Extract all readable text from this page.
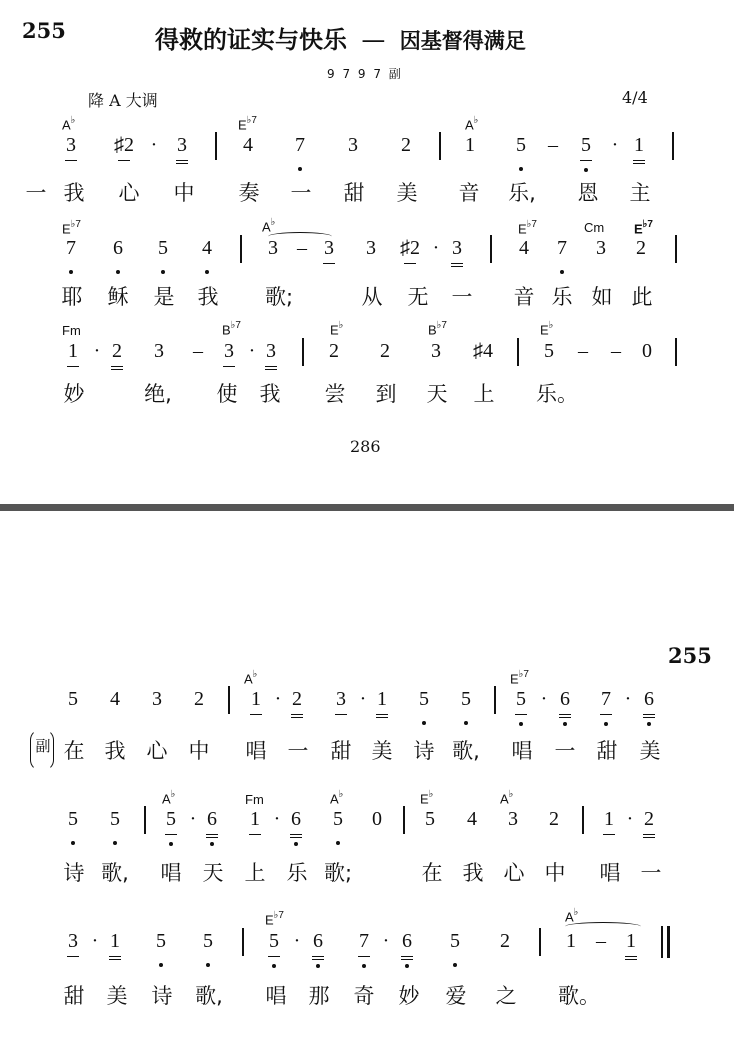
255	得救的证实与快乐 — 因基督得满足
9 7 9 7 副
降 A 大调	4/4
A♭	$E^{♭7}$	A♭
3	♯2 · 3	4	7	3	2	1	5	–	5	· 1
一 我 心 中 奏 一 甜 美 音 乐, 恩 主
$E^{♭7}$	A♭	$E^{♭7}$	Cm $E^{♭7}$
7	6	5	4	3 – 3	3	♯2 · 3	4	7	3	2
耶 稣 是 我 歌;	从 无 一 音 乐 如 此
Fm	$B^{♭7}$	E♭	$B^{♭7}$	E♭
1 · 2	3	–	3 · 3	2	2	3	♯4	5	–	–	0
妙	绝, 使 我 尝 到 天 上 乐。
286
255
A♭	$E^{♭7}$
5	4	3	2	1 · 2	3 · 1	5	5	5 · 6	7 · 6
副 在 我 心 中 唱 一 甜 美 诗 歌, 唱 一 甜 美
A♭	Fm	A♭	E♭	A♭
5	5	5 · 6	1 · 6	5	0	5	4	3	2	1 · 2
诗 歌, 唱 天 上 乐 歌;	在 我 心 中 唱 一
$E^{♭7}$	A♭
3 · 1	5	5	5 · 6	7 · 6	5	2	1	–	1
甜 美 诗 歌, 唱 那 奇 妙 爱 之 歌。
